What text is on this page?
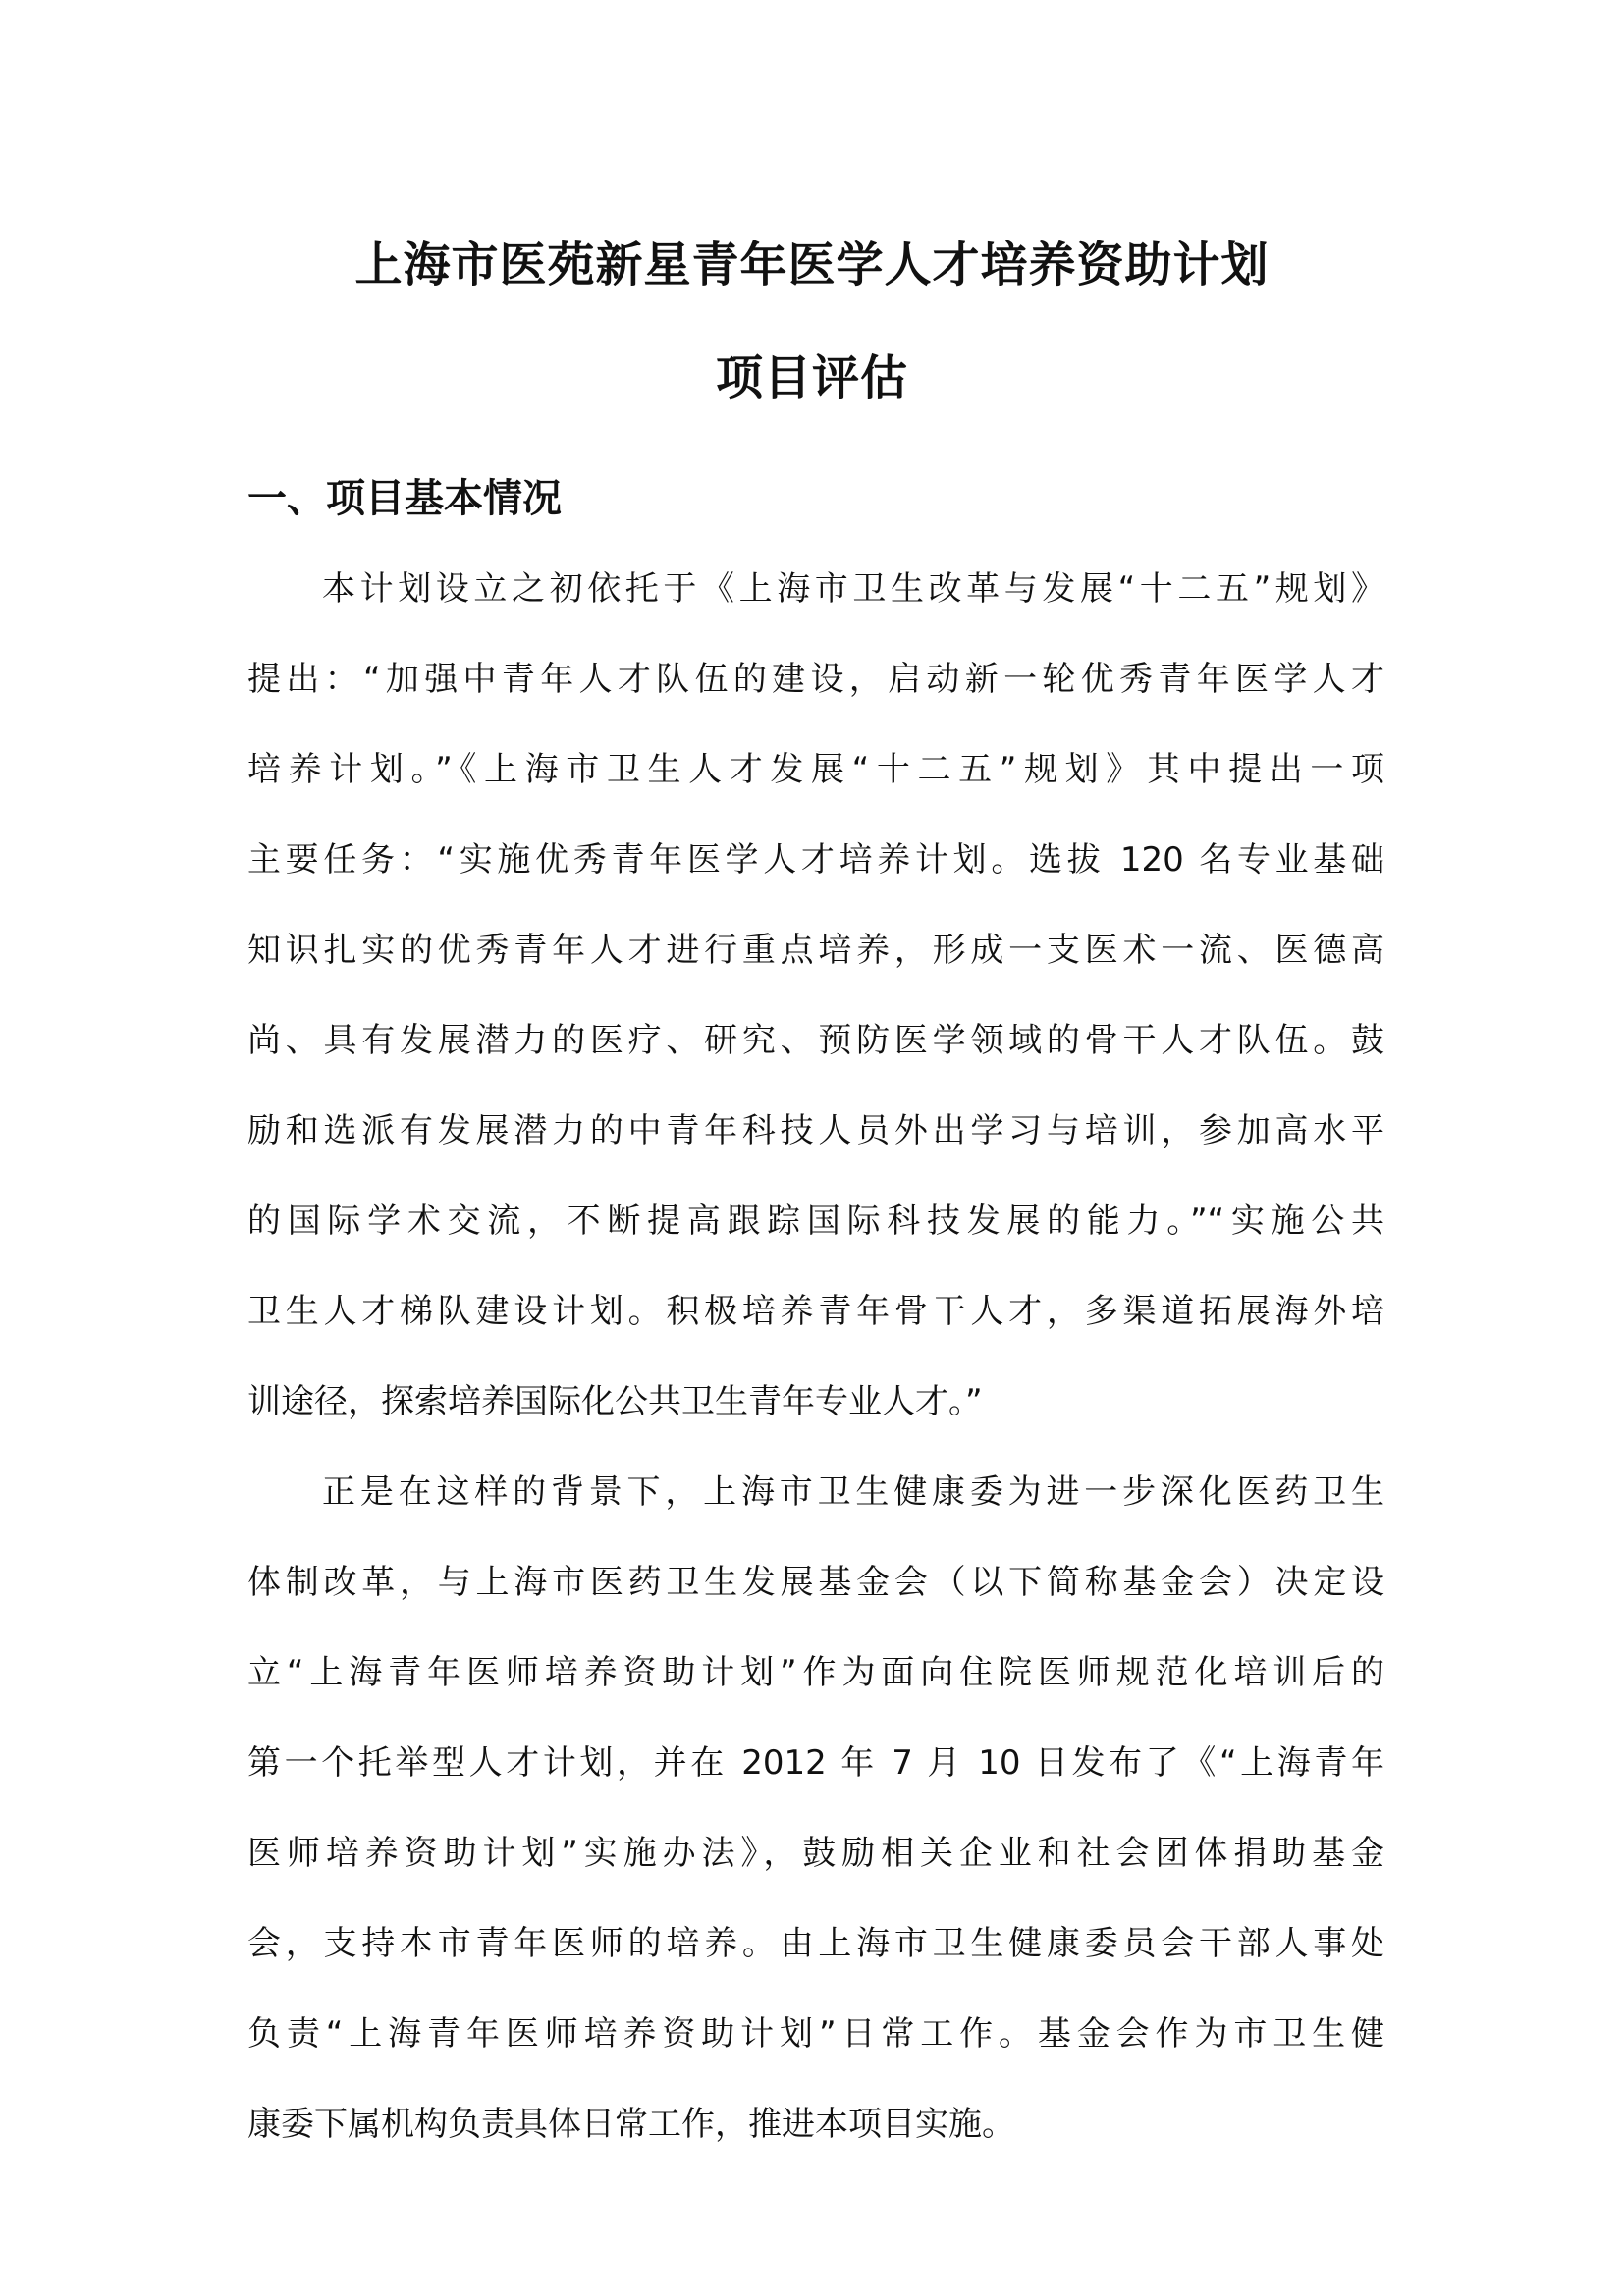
上海市医苑新星青年医学人才培养资助计划
项目评估
一、项目基本情况

本计划设立之初依托于《上海市卫生改革与发展“十二五”规划》

提出：“加强中青年人才队伍的建设，启动新一轮优秀青年医学人才

培养计划。”《上海市卫生人才发展“十二五”规划》其中提出一项

主要任务：“实施优秀青年医学人才培养计划。选拔 120 名专业基础

知识扎实的优秀青年人才进行重点培养，形成一支医术一流、医德高

尚、具有发展潜力的医疗、研究、预防医学领域的骨干人才队伍。鼓

励和选派有发展潜力的中青年科技人员外出学习与培训，参加高水平

的国际学术交流，不断提高跟踪国际科技发展的能力。”“实施公共

卫生人才梯队建设计划。积极培养青年骨干人才，多渠道拓展海外培

训途径，探索培养国际化公共卫生青年专业人才。”

正是在这样的背景下，上海市卫生健康委为进一步深化医药卫生

体制改革，与上海市医药卫生发展基金会（以下简称基金会）决定设

立“上海青年医师培养资助计划”作为面向住院医师规范化培训后的

第一个托举型人才计划，并在 2012 年 7 月 10 日发布了《“上海青年

医师培养资助计划”实施办法》，鼓励相关企业和社会团体捐助基金

会，支持本市青年医师的培养。由上海市卫生健康委员会干部人事处

负责“上海青年医师培养资助计划”日常工作。基金会作为市卫生健

康委下属机构负责具体日常工作，推进本项目实施。
